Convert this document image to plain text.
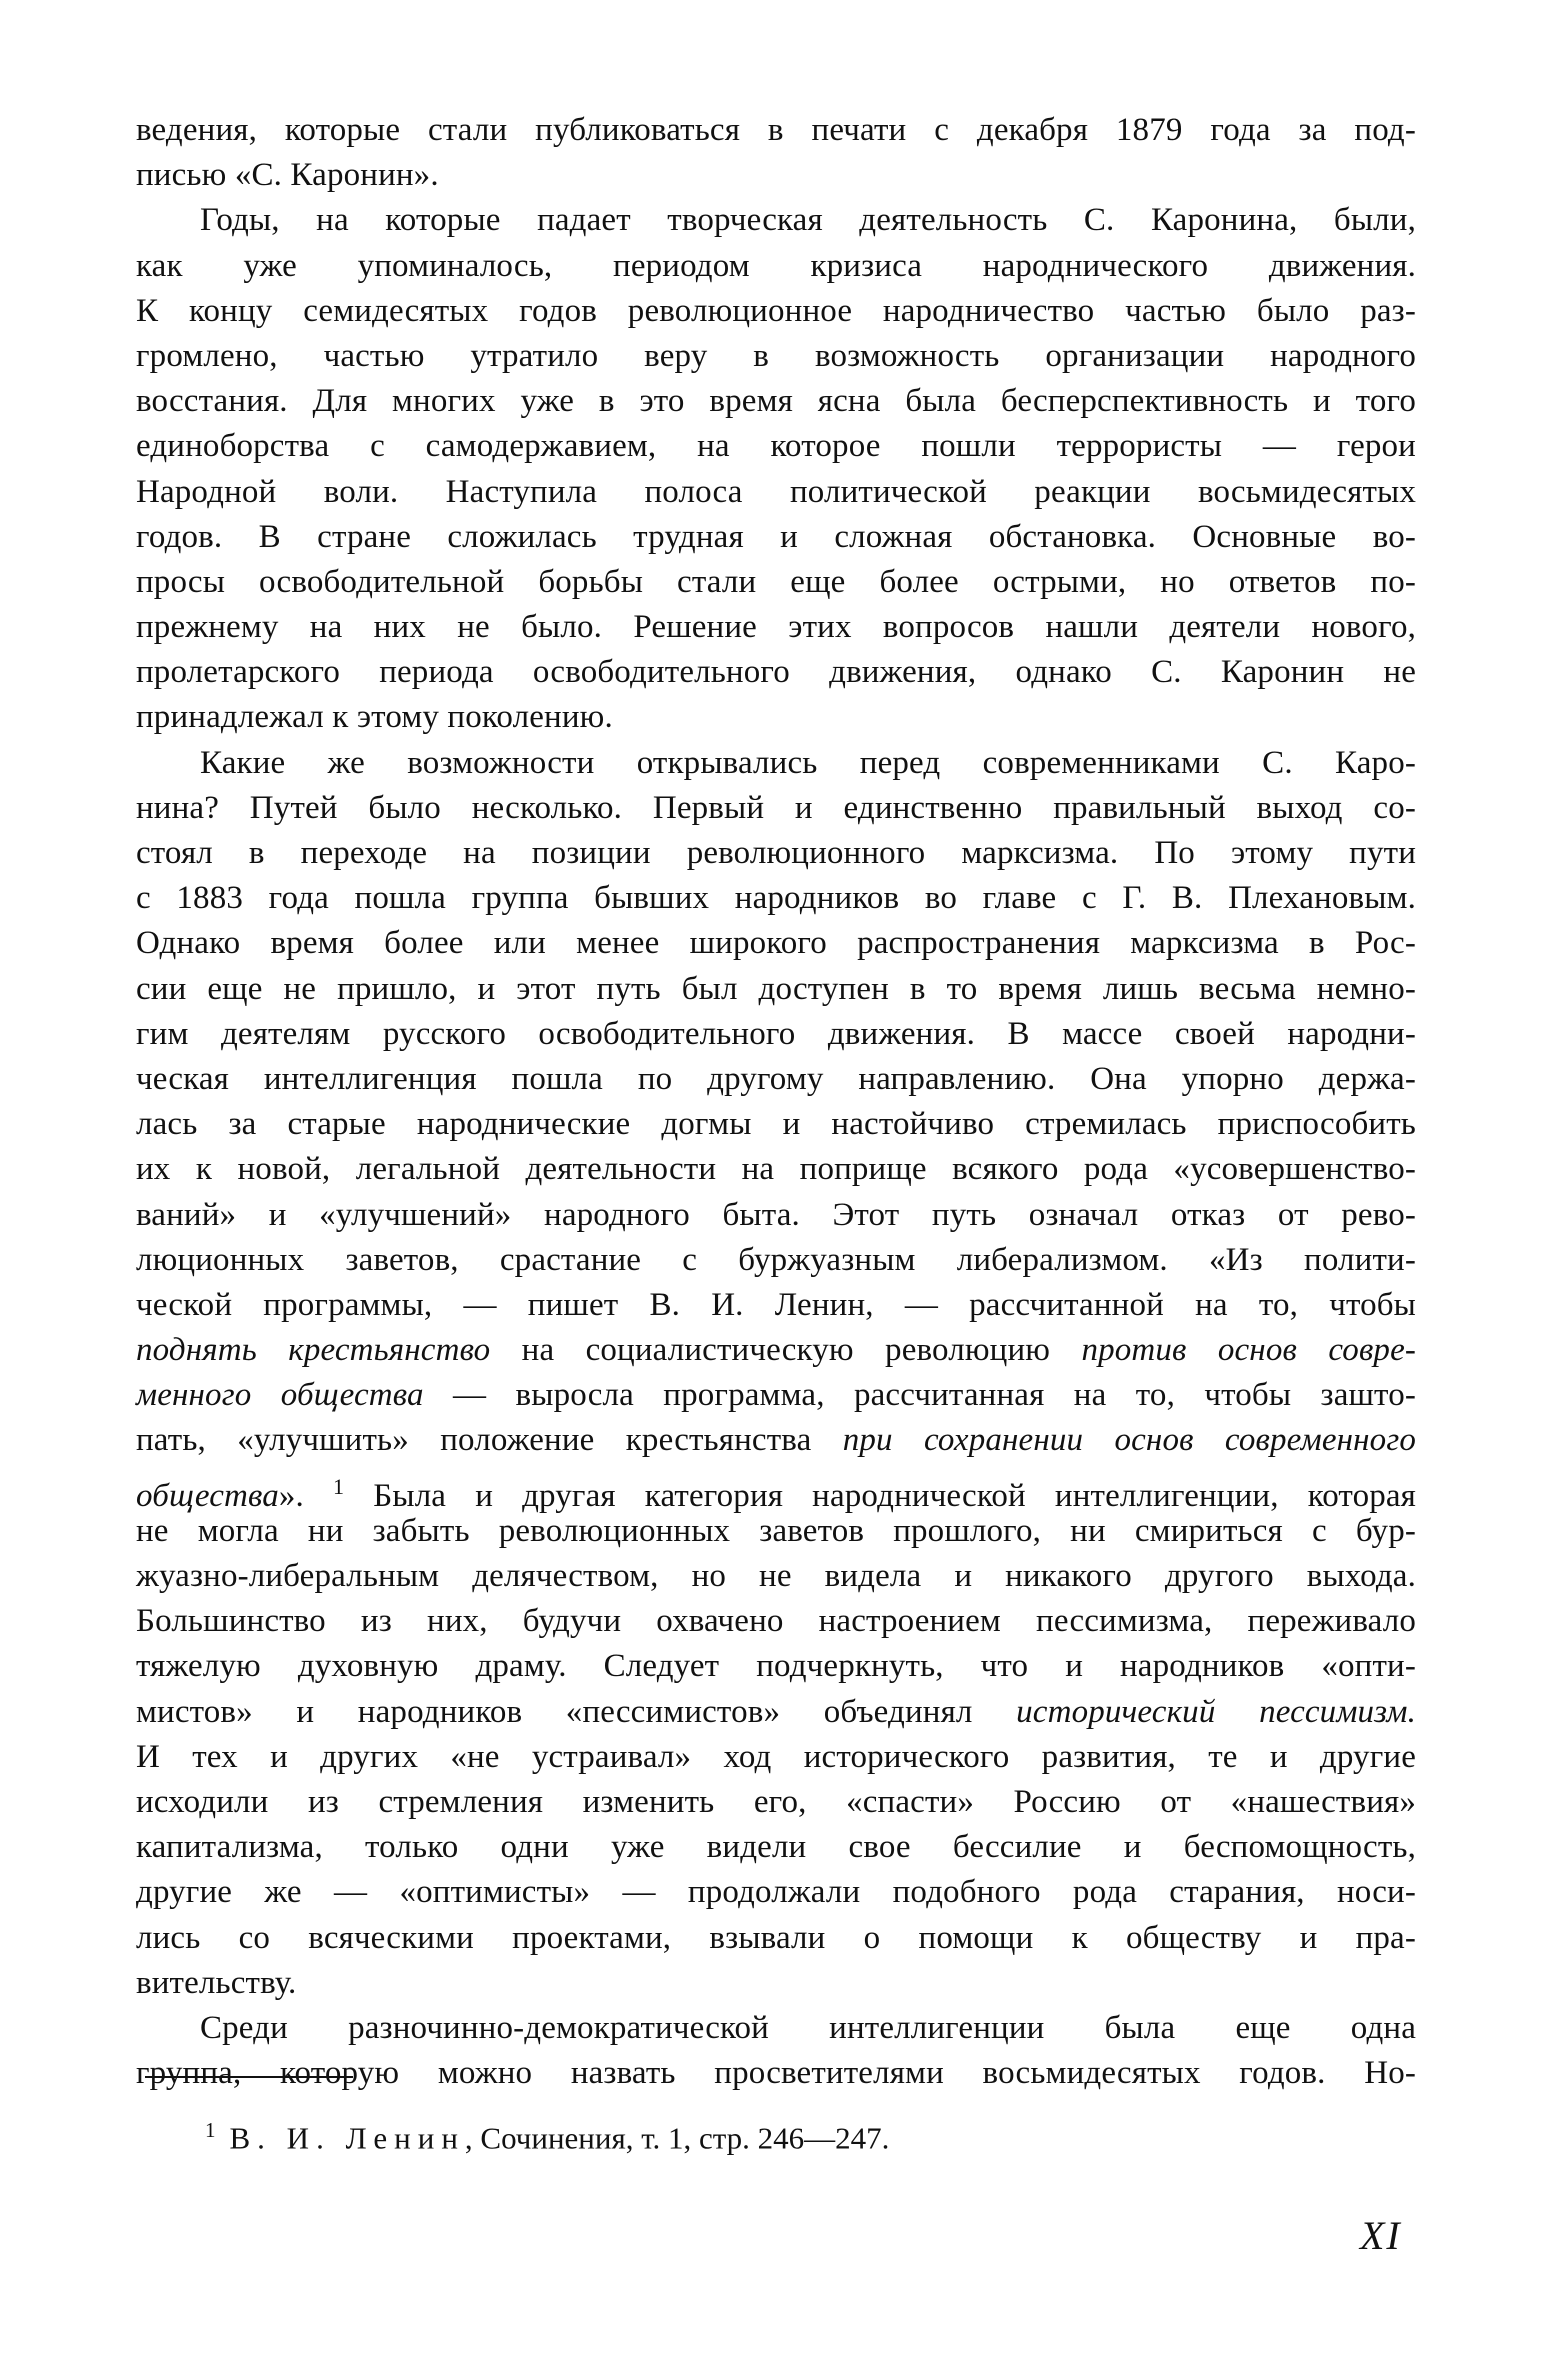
ведения, которые стали публиковаться в печати с декабря 1879 года за под-
писью «С. Каронин».
Годы, на которые падает творческая деятельность С. Каронина, были,
как уже упоминалось, периодом кризиса народнического движения.
К концу семидесятых годов революционное народничество частью было раз-
громлено, частью утратило веру в возможность организации народного
восстания. Для многих уже в это время ясна была бесперспективность и того
единоборства с самодержавием, на которое пошли террористы — герои
Народной воли. Наступила полоса политической реакции восьмидесятых
годов. В стране сложилась трудная и сложная обстановка. Основные во-
просы освободительной борьбы стали еще более острыми, но ответов по-
прежнему на них не было. Решение этих вопросов нашли деятели нового,
пролетарского периода освободительного движения, однако С. Каронин не
принадлежал к этому поколению.
Какие же возможности открывались перед современниками С. Каро-
нина? Путей было несколько. Первый и единственно правильный выход со-
стоял в переходе на позиции революционного марксизма. По этому пути
с 1883 года пошла группа бывших народников во главе с Г. В. Плехановым.
Однако время более или менее широкого распространения марксизма в Рос-
сии еще не пришло, и этот путь был доступен в то время лишь весьма немно-
гим деятелям русского освободительного движения. В массе своей народни-
ческая интеллигенция пошла по другому направлению. Она упорно держа-
лась за старые народнические догмы и настойчиво стремилась приспособить
их к новой, легальной деятельности на поприще всякого рода «усовершенство-
ваний» и «улучшений» народного быта. Этот путь означал отказ от рево-
люционных заветов, срастание с буржуазным либерализмом. «Из полити-
ческой программы, — пишет В. И. Ленин, — рассчитанной на то, чтобы
поднять крестьянство на социалистическую революцию против основ совре-
менного общества — выросла программа, рассчитанная на то, чтобы зашто-
пать, «улучшить» положение крестьянства при сохранении основ современного
общества». $^1$ Была и другая категория народнической интеллигенции, которая
не могла ни забыть революционных заветов прошлого, ни смириться с бур-
жуазно-либеральным делячеством, но не видела и никакого другого выхода.
Большинство из них, будучи охвачено настроением пессимизма, переживало
тяжелую духовную драму. Следует подчеркнуть, что и народников «опти-
мистов» и народников «пессимистов» объединял исторический пессимизм.
И тех и других «не устраивал» ход исторического развития, те и другие
исходили из стремления изменить его, «спасти» Россию от «нашествия»
капитализма, только одни уже видели свое бессилие и беспомощность,
другие же — «оптимисты» — продолжали подобного рода старания, носи-
лись со всяческими проектами, взывали о помощи к обществу и пра-
вительству.
Среди разночинно-демократической интеллигенции была еще одна
группа, которую можно назвать просветителями восьмидесятых годов. Но-
$^1$ В. И. Ленин, Сочинения, т. 1, стр. 246—247.
XI
